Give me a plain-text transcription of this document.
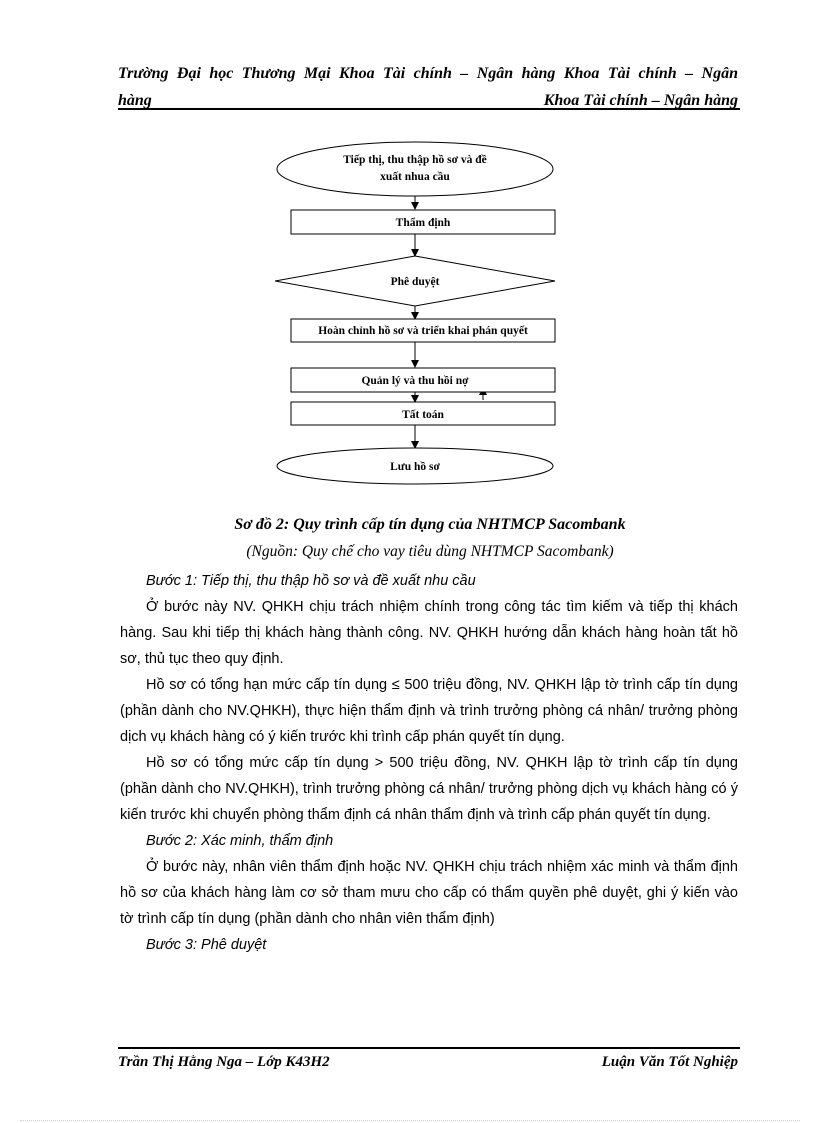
Trường Đại học Thương Mại Khoa Tài chính – Ngân hàng Khoa Tài chính – Ngân
hàng	Khoa Tài chính – Ngân hàng
Tiếp thị, thu thập hồ sơ và đề
xuất nhua cầu
Thẩm định
Phê duyệt
Hoàn chỉnh hồ sơ và triển khai phán quyết
Quản lý và thu hồi nợ
Tất toán
Lưu hồ sơ
Sơ đồ 2: Quy trình cấp tín dụng của NHTMCP Sacombank
(Nguồn: Quy chế cho vay tiêu dùng NHTMCP Sacombank)

Bước 1: Tiếp thị, thu thập hồ sơ và đề xuất nhu cầu

Ở bước này NV. QHKH chịu trách nhiệm chính trong công tác tìm kiếm và tiếp thị khách hàng. Sau khi tiếp thị khách hàng thành công. NV. QHKH hướng dẫn khách hàng hoàn tất hồ sơ, thủ tục theo quy định.

Hồ sơ có tổng hạn mức cấp tín dụng ≤ 500 triệu đồng, NV. QHKH lập tờ trình cấp tín dụng (phần dành cho NV.QHKH), thực hiện thẩm định và trình trưởng phòng cá nhân/ trưởng phòng dịch vụ khách hàng có ý kiến trước khi trình cấp phán quyết tín dụng.

Hồ sơ có tổng mức cấp tín dụng > 500 triệu đồng, NV. QHKH lập tờ trình cấp tín dụng (phần dành cho NV.QHKH), trình trưởng phòng cá nhân/ trưởng phòng dịch vụ khách hàng có ý kiến trước khi chuyển phòng thẩm định cá nhân thẩm định và trình cấp phán quyết tín dụng.

Bước 2: Xác minh, thẩm định

Ở bước này, nhân viên thẩm định hoặc NV. QHKH chịu trách nhiệm xác minh và thẩm định hồ sơ của khách hàng làm cơ sở tham mưu cho cấp có thẩm quyền phê duyệt, ghi ý kiến vào tờ trình cấp tín dụng (phần dành cho nhân viên thẩm định)

Bước 3: Phê duyệt

Trần Thị Hằng Nga – Lớp K43H2	Luận Văn Tốt Nghiệp
